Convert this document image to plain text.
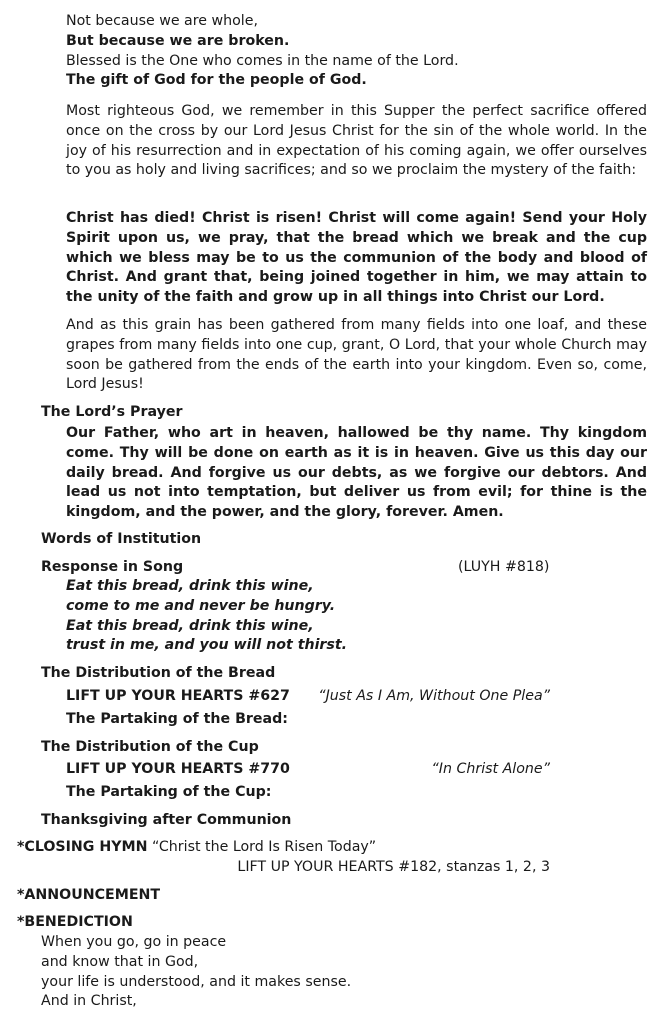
Not because we are whole,
But because we are broken.
Blessed is the One who comes in the name of the Lord.
The gift of God for the people of God.
Most righteous God, we remember in this Supper the perfect sacrifice offered once on the cross by our Lord Jesus Christ for the sin of the whole world. In the joy of his resurrection and in expectation of his coming again, we offer ourselves to you as holy and living sacrifices; and so we proclaim the mystery of the faith:
Christ has died! Christ is risen! Christ will come again! Send your Holy Spirit upon us, we pray, that the bread which we break and the cup which we bless may be to us the communion of the body and blood of Christ. And grant that, being joined together in him, we may attain to the unity of the faith and grow up in all things into Christ our Lord.
And as this grain has been gathered from many fields into one loaf, and these grapes from many fields into one cup, grant, O Lord, that your whole Church may soon be gathered from the ends of the earth into your kingdom. Even so, come, Lord Jesus!
The Lord’s Prayer
Our Father, who art in heaven, hallowed be thy name. Thy kingdom come. Thy will be done on earth as it is in heaven. Give us this day our daily bread. And forgive us our debts, as we forgive our debtors. And lead us not into temptation, but deliver us from evil; for thine is the kingdom, and the power, and the glory, forever. Amen.
Words of Institution
Response in Song	(LUYH #818)
Eat this bread, drink this wine,
come to me and never be hungry.
Eat this bread, drink this wine,
trust in me, and you will not thirst.
The Distribution of the Bread
LIFT UP YOUR HEARTS #627 “Just As I Am, Without One Plea”
The Partaking of the Bread:
The Distribution of the Cup
LIFT UP YOUR HEARTS #770	“In Christ Alone”
The Partaking of the Cup:
Thanksgiving after Communion
*CLOSING HYMN “Christ the Lord Is Risen Today”
LIFT UP YOUR HEARTS #182, stanzas 1, 2, 3
*ANNOUNCEMENT
*BENEDICTION
When you go, go in peace
and know that in God,
your life is understood, and it makes sense.
And in Christ,
